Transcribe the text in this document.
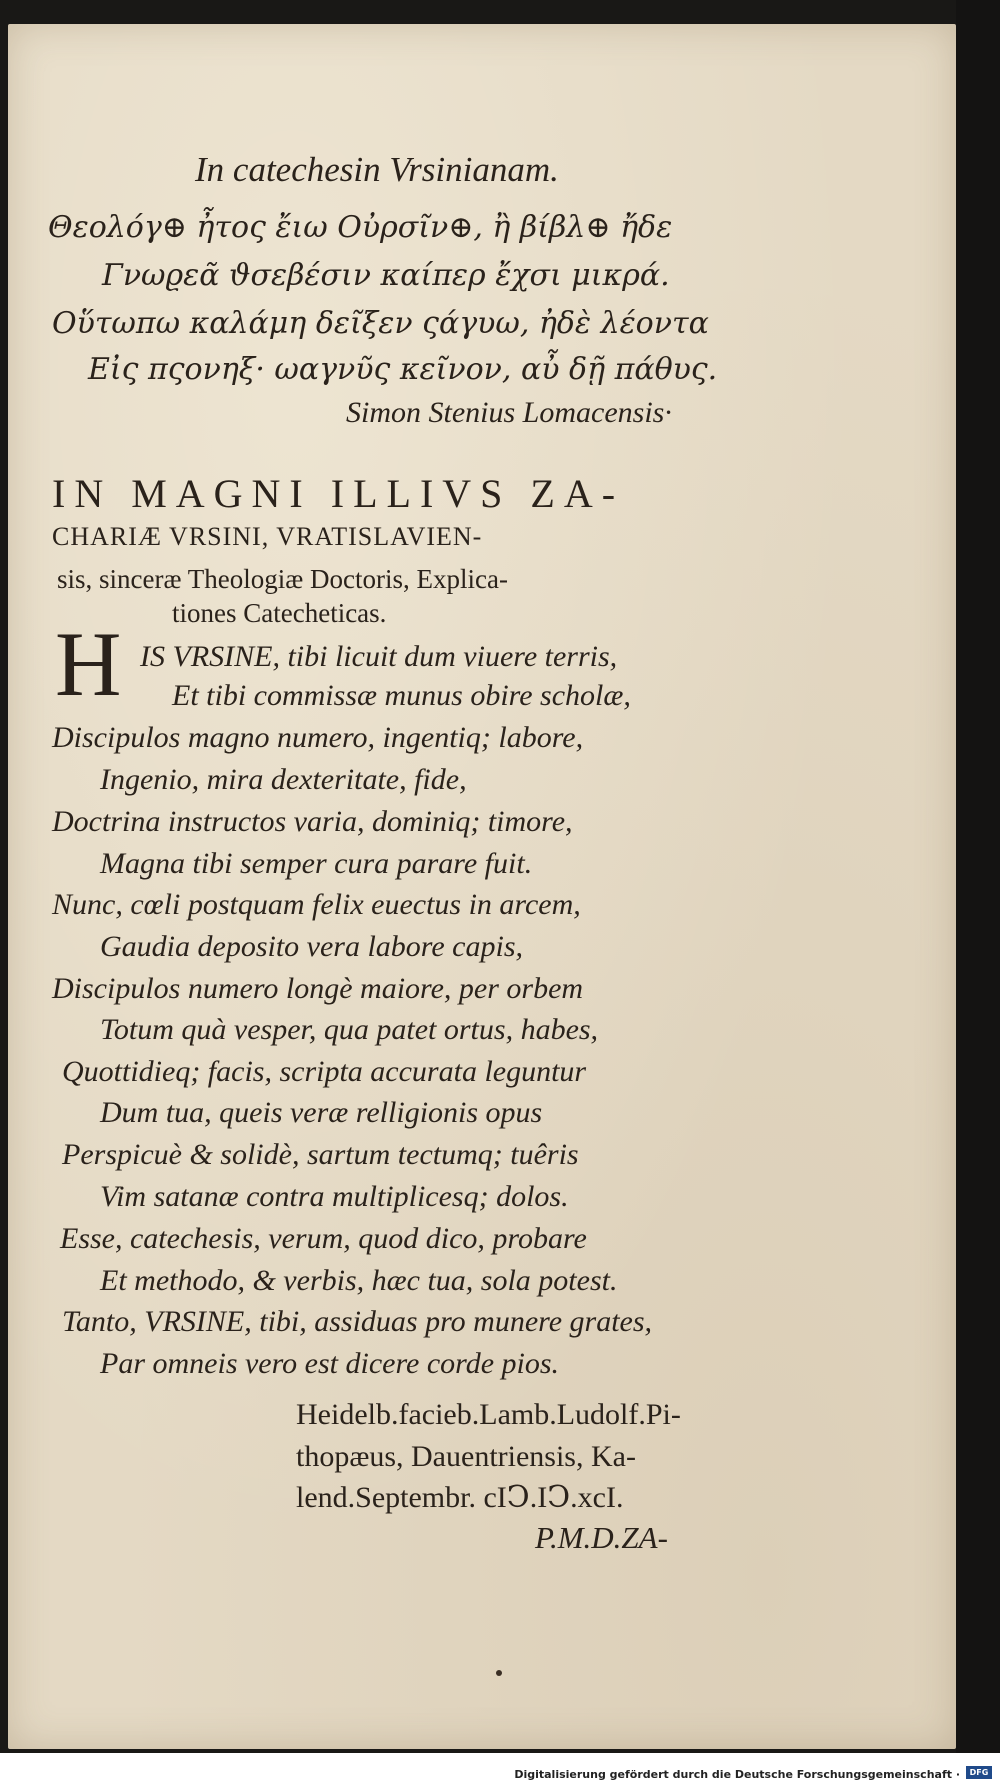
In catechesin Vrsinianam.

Θεολόγ⊕ ἦτος ἔιω Οὐρσῖν⊕, ἢ βίβλ⊕ ἤδε

Γνωϱεᾶ ϑσεβέσιν καίπερ ἔχσι μικρά.

Οὕτωπω καλάμη δεῖξεν ςάγυω, ἠδὲ λέοντα

Εἰς πςονηξ· ωαγνῦς κεῖνον, αὖ δῇ πάθυς.

Simon Stenius Lomacensis·

IN MAGNI ILLIVS ZA-

CHARIÆ VRSINI, VRATISLAVIEN-

sis, sinceræ Theologiæ Doctoris, Explica-

tiones Catecheticas.

H IS VRSINE, tibi licuit dum viuere terris,

Et tibi commissæ munus obire scholæ,

Discipulos magno numero, ingentiq; labore,

Ingenio, mira dexteritate, fide,

Doctrina instructos varia, dominiq; timore,

Magna tibi semper cura parare fuit.

Nunc, cœli postquam felix euectus in arcem,

Gaudia deposito vera labore capis,

Discipulos numero longè maiore, per orbem

Totum quà vesper, qua patet ortus, habes,

Quottidieq; facis, scripta accurata leguntur

Dum tua, queis veræ relligionis opus

Perspicuè & solidè, sartum tectumq; tuêris

Vim satanæ contra multiplicesq; dolos.

Esse, catechesis, verum, quod dico, probare

Et methodo, & verbis, hæc tua, sola potest.

Tanto, VRSINE, tibi, assiduas pro munere grates,

Par omneis vero est dicere corde pios.

Heidelb.facieb.Lamb.Ludolf.Pi-

thopæus, Dauentriensis, Ka-

lend.Septembr. cIↃ.IↃ.xcI.

P.M.D.ZA-

Digitalisierung gefördert durch die Deutsche Forschungsgemeinschaft ·	DFG
